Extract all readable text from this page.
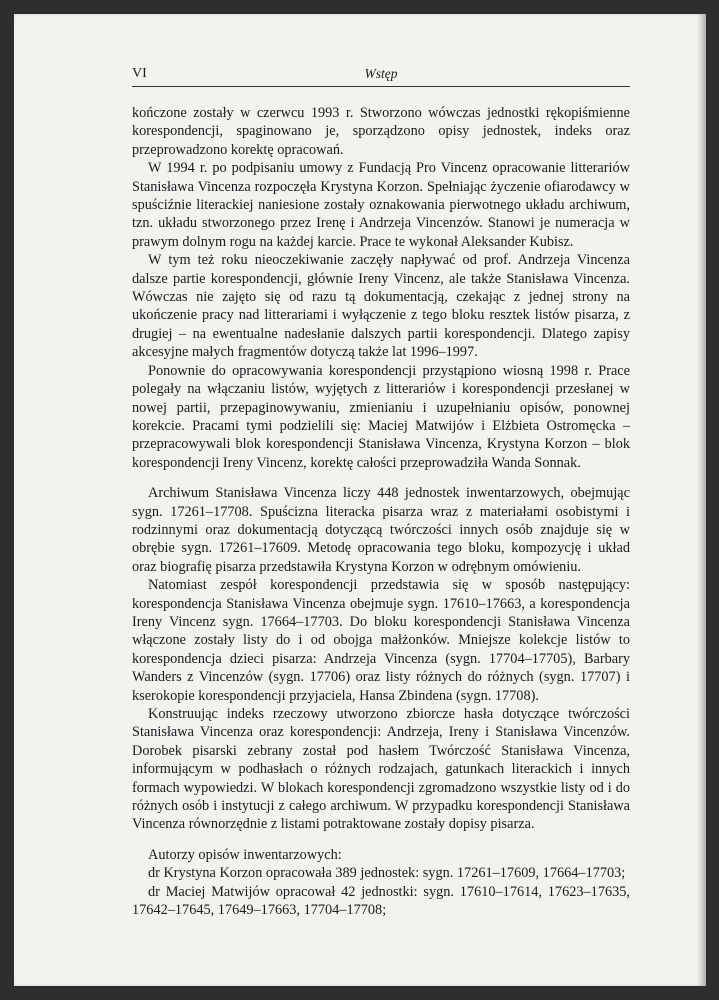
VI	Wstęp

kończone zostały w czerwcu 1993 r. Stworzono wówczas jednostki rękopiśmienne korespondencji, spaginowano je, sporządzono opisy jednostek, indeks oraz przeprowadzono korektę opracowań.

W 1994 r. po podpisaniu umowy z Fundacją Pro Vincenz opracowanie litterariów Stanisława Vincenza rozpoczęła Krystyna Korzon. Spełniając życzenie ofiarodawcy w spuściźnie literackiej naniesione zostały oznakowania pierwotnego układu archiwum, tzn. układu stworzonego przez Irenę i Andrzeja Vincenzów. Stanowi je numeracja w prawym dolnym rogu na każdej karcie. Prace te wykonał Aleksander Kubisz.

W tym też roku nieoczekiwanie zaczęły napływać od prof. Andrzeja Vincenza dalsze partie korespondencji, głównie Ireny Vincenz, ale także Stanisława Vincenza. Wówczas nie zajęto się od razu tą dokumentacją, czekając z jednej strony na ukończenie pracy nad litterariami i wyłączenie z tego bloku resztek listów pisarza, z drugiej – na ewentualne nadesłanie dalszych partii korespondencji. Dlatego zapisy akcesyjne małych fragmentów dotyczą także lat 1996–1997.

Ponownie do opracowywania korespondencji przystąpiono wiosną 1998 r. Prace polegały na włączaniu listów, wyjętych z litterariów i korespondencji przesłanej w nowej partii, przepaginowywaniu, zmienianiu i uzupełnianiu opisów, ponownej korekcie. Pracami tymi podzielili się: Maciej Matwijów i Elżbieta Ostromęcka – przepracowywali blok korespondencji Stanisława Vincenza, Krystyna Korzon – blok korespondencji Ireny Vincenz, korektę całości przeprowadziła Wanda Sonnak.

Archiwum Stanisława Vincenza liczy 448 jednostek inwentarzowych, obejmując sygn. 17261–17708. Spuścizna literacka pisarza wraz z materiałami osobistymi i rodzinnymi oraz dokumentacją dotyczącą twórczości innych osób znajduje się w obrębie sygn. 17261–17609. Metodę opracowania tego bloku, kompozycję i układ oraz biografię pisarza przedstawiła Krystyna Korzon w odrębnym omówieniu.

Natomiast zespół korespondencji przedstawia się w sposób następujący: korespondencja Stanisława Vincenza obejmuje sygn. 17610–17663, a korespondencja Ireny Vincenz sygn. 17664–17703. Do bloku korespondencji Stanisława Vincenza włączone zostały listy do i od obojga małżonków. Mniejsze kolekcje listów to korespondencja dzieci pisarza: Andrzeja Vincenza (sygn. 17704–17705), Barbary Wanders z Vincenzów (sygn. 17706) oraz listy różnych do różnych (sygn. 17707) i kserokopie korespondencji przyjaciela, Hansa Zbindena (sygn. 17708).

Konstruując indeks rzeczowy utworzono zbiorcze hasła dotyczące twórczości Stanisława Vincenza oraz korespondencji: Andrzeja, Ireny i Stanisława Vincenzów. Dorobek pisarski zebrany został pod hasłem Twórczość Stanisława Vincenza, informującym w podhasłach o różnych rodzajach, gatunkach literackich i innych formach wypowiedzi. W blokach korespondencji zgromadzono wszystkie listy od i do różnych osób i instytucji z całego archiwum. W przypadku korespondencji Stanisława Vincenza równorzędnie z listami potraktowane zostały dopisy pisarza.

Autorzy opisów inwentarzowych:

dr Krystyna Korzon opracowała 389 jednostek: sygn. 17261–17609, 17664–17703;

dr Maciej Matwijów opracował 42 jednostki: sygn. 17610–17614, 17623–17635, 17642–17645, 17649–17663, 17704–17708;
